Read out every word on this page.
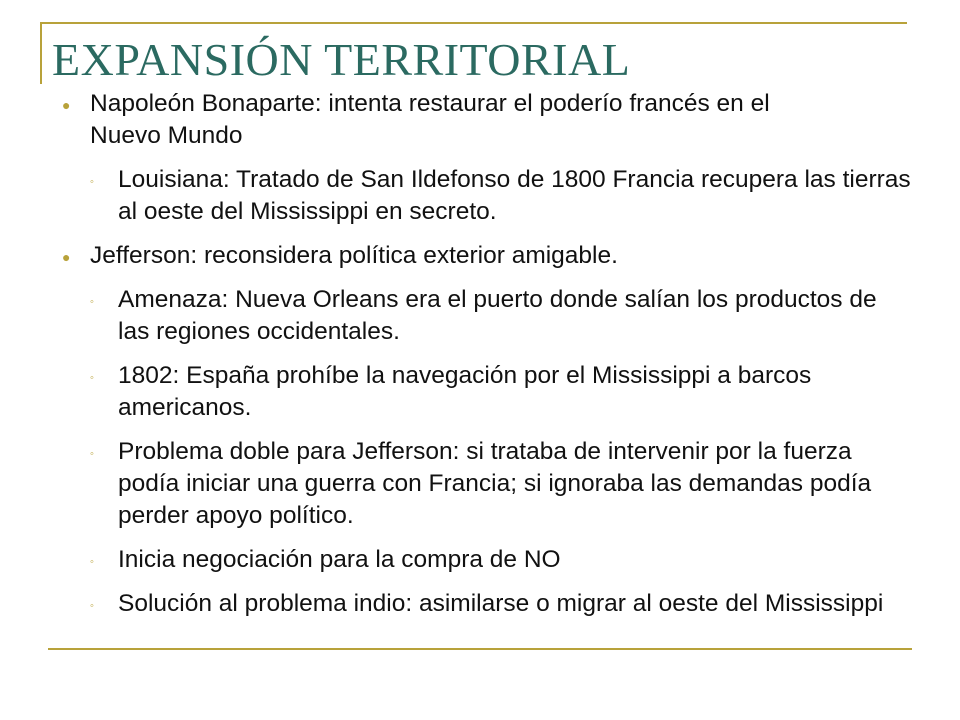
EXPANSIÓN TERRITORIAL
● Napoleón Bonaparte: intenta restaurar el poderío francés en el Nuevo Mundo
◦ Louisiana: Tratado de San Ildefonso de 1800 Francia recupera las tierras al oeste del Mississippi en secreto.
● Jefferson: reconsidera política exterior amigable.
◦ Amenaza: Nueva Orleans era el puerto donde salían los productos de las regiones occidentales.
◦ 1802: España prohíbe la navegación por el Mississippi a barcos americanos.
◦ Problema doble para Jefferson: si trataba de intervenir por la fuerza podía iniciar una guerra con Francia; si ignoraba las demandas podía perder apoyo político.
◦ Inicia negociación para la compra de NO
◦ Solución al problema indio: asimilarse o migrar al oeste del Mississippi
